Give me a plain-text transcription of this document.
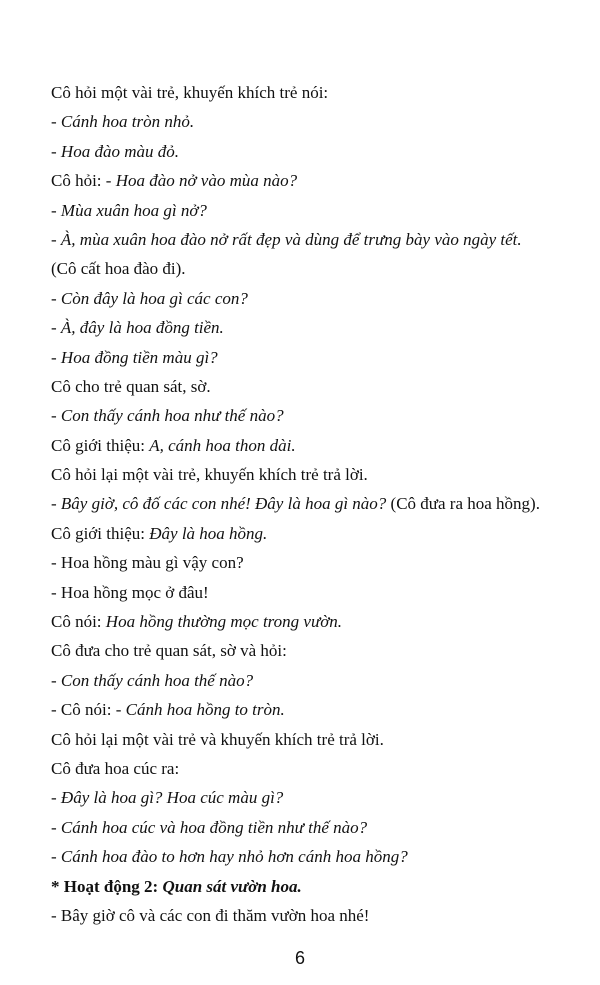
Cô hỏi một vài trẻ, khuyến khích trẻ nói:
- Cánh hoa tròn nhỏ.
- Hoa đào màu đỏ.
Cô hỏi: - Hoa đào nở vào mùa nào?
- Mùa xuân hoa gì nở?
- À, mùa xuân hoa đào nở rất đẹp và dùng để trưng bày vào ngày tết.
(Cô cất hoa đào đi).
- Còn đây là hoa gì các con?
- À, đây là hoa đồng tiền.
- Hoa đồng tiền màu gì?
Cô cho trẻ quan sát, sờ.
- Con thấy cánh hoa như thế nào?
Cô giới thiệu: A, cánh hoa thon dài.
Cô hỏi lại một vài trẻ, khuyến khích trẻ trả lời.
- Bây giờ, cô đố các con nhé! Đây là hoa gì nào? (Cô đưa ra hoa hồng).
Cô giới thiệu: Đây là hoa hồng.
- Hoa hồng màu gì vậy con?
- Hoa hồng mọc ở đâu!
Cô nói: Hoa hồng thường mọc trong vườn.
Cô đưa cho trẻ quan sát, sờ và hỏi:
- Con thấy cánh hoa thế nào?
- Cô nói: - Cánh hoa hồng to tròn.
Cô hỏi lại một vài trẻ và khuyến khích trẻ trả lời.
Cô đưa hoa cúc ra:
- Đây là hoa gì? Hoa cúc màu gì?
- Cánh hoa cúc và hoa đồng tiền như thế nào?
- Cánh hoa đào to hơn hay nhỏ hơn cánh hoa hồng?
* Hoạt động 2: Quan sát vườn hoa.
- Bây giờ cô và các con đi thăm vườn hoa nhé!
6
